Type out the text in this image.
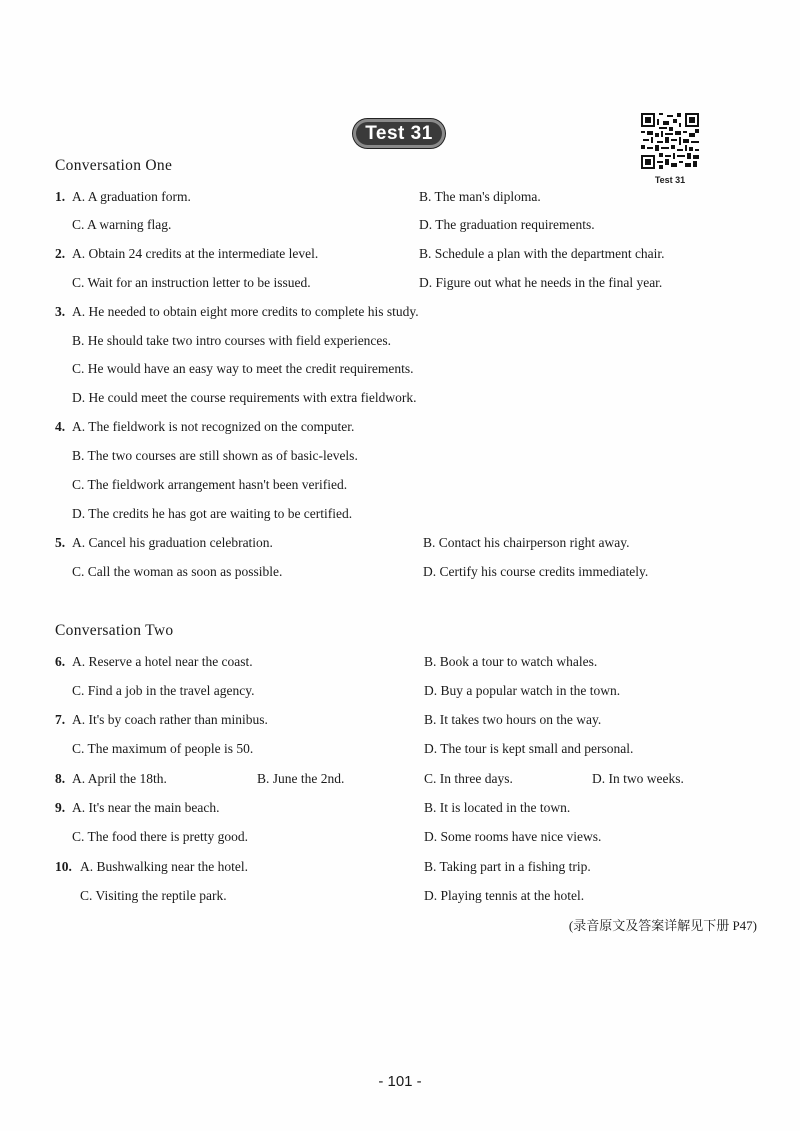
Test 31
Test 31
Conversation One
1. A. A graduation form.	B. The man's diploma.
C. A warning flag.	D. The graduation requirements.
2. A. Obtain 24 credits at the intermediate level.	B. Schedule a plan with the department chair.
C. Wait for an instruction letter to be issued.	D. Figure out what he needs in the final year.
3. A. He needed to obtain eight more credits to complete his study.
B. He should take two intro courses with field experiences.
C. He would have an easy way to meet the credit requirements.
D. He could meet the course requirements with extra fieldwork.
4. A. The fieldwork is not recognized on the computer.
B. The two courses are still shown as of basic-levels.
C. The fieldwork arrangement hasn't been verified.
D. The credits he has got are waiting to be certified.
5. A. Cancel his graduation celebration.	B. Contact his chairperson right away.
C. Call the woman as soon as possible.	D. Certify his course credits immediately.
Conversation Two
6. A. Reserve a hotel near the coast.	B. Book a tour to watch whales.
C. Find a job in the travel agency.	D. Buy a popular watch in the town.
7. A. It's by coach rather than minibus.	B. It takes two hours on the way.
C. The maximum of people is 50.	D. The tour is kept small and personal.
8. A. April the 18th.	B. June the 2nd.	C. In three days.	D. In two weeks.
9. A. It's near the main beach.	B. It is located in the town.
C. The food there is pretty good.	D. Some rooms have nice views.
10. A. Bushwalking near the hotel.	B. Taking part in a fishing trip.
C. Visiting the reptile park.	D. Playing tennis at the hotel.
(录音原文及答案详解见下册 P47)
- 101 -
